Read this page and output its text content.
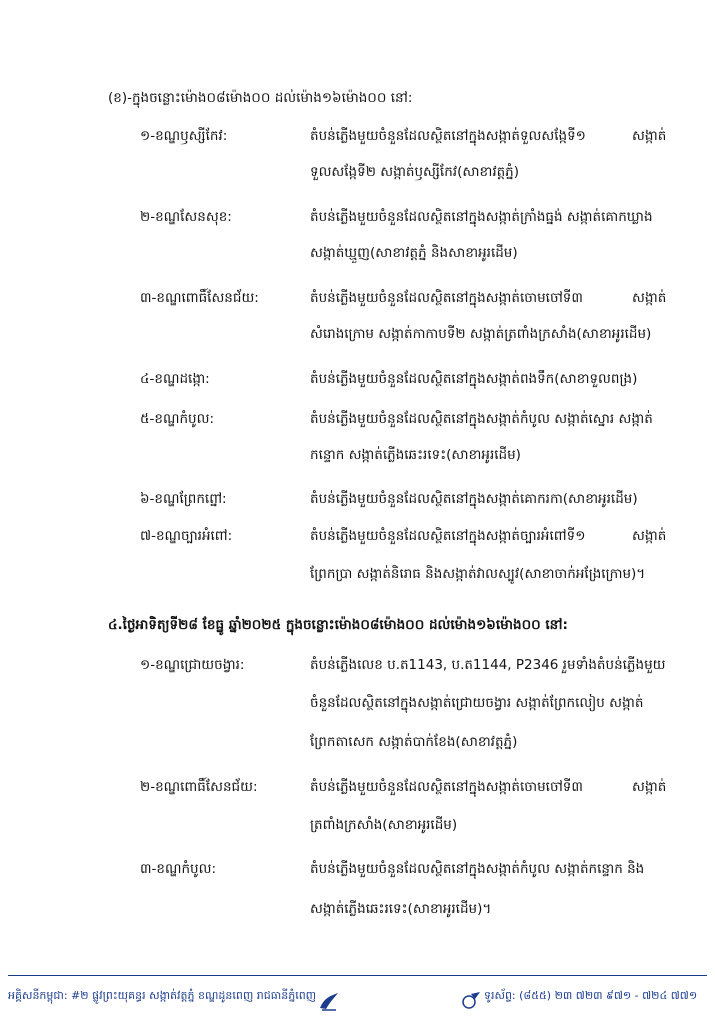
(ខ)-ក្នុងចន្លោះម៉ោង០៨ម៉ោង០០ ដល់ម៉ោង១៦ម៉ោង០០ នៅ:
១-ខណ្ឌឫស្សីកែវ:	តំបន់ភ្លើងមួយចំនួនដែលស្ថិតនៅក្នុងសង្កាត់ទួលសង្កែទី១	សង្កាត់
ទួលសង្កែទី២ សង្កាត់ឫស្សីកែវ(សាខាវត្តភ្នំ)
២-ខណ្ឌសែនសុខ:	តំបន់ភ្លើងមួយចំនួនដែលស្ថិតនៅក្នុងសង្កាត់ក្រាំងធ្នង់ សង្កាត់គោកឃ្លាង
សង្កាត់ឃ្មួញ(សាខាវត្តភ្នំ និងសាខាអូរដើម)
៣-ខណ្ឌពោធិ៍សែនជ័យ:	តំបន់ភ្លើងមួយចំនួនដែលស្ថិតនៅក្នុងសង្កាត់ចោមចៅទី៣	សង្កាត់
សំរោងក្រោម សង្កាត់កាកាបទី២ សង្កាត់ត្រពាំងក្រសាំង(សាខាអូរដើម)
៤-ខណ្ឌដង្កោ:	តំបន់ភ្លើងមួយចំនួនដែលស្ថិតនៅក្នុងសង្កាត់ពងទឹក(សាខាទួលពង្រ)
៥-ខណ្ឌកំបូល:	តំបន់ភ្លើងមួយចំនួនដែលស្ថិតនៅក្នុងសង្កាត់កំបូល សង្កាត់ស្នោរ សង្កាត់
កន្ទោក សង្កាត់ភ្លើងឆេះរទេះ(សាខាអូរដើម)
៦-ខណ្ឌព្រែកព្នៅ:	តំបន់ភ្លើងមួយចំនួនដែលស្ថិតនៅក្នុងសង្កាត់គោករកា(សាខាអូរដើម)
៧-ខណ្ឌច្បារអំពៅ:	តំបន់ភ្លើងមួយចំនួនដែលស្ថិតនៅក្នុងសង្កាត់ច្បារអំពៅទី១	សង្កាត់
ព្រែកប្រា សង្កាត់និរោធ និងសង្កាត់វាលស្បូវ(សាខាចាក់អង្រែក្រោម)។
៤.ថ្ងៃអាទិត្យទី២៨ ខែធ្នូ ឆ្នាំ២០២៥ ក្នុងចន្លោះម៉ោង០៨ម៉ោង០០ ដល់ម៉ោង១៦ម៉ោង០០ នៅ:
១-ខណ្ឌជ្រោយចង្វារ:	តំបន់ភ្លើងលេខ ប.ត1143, ប.ត1144, P2346 រួមទាំងតំបន់ភ្លើងមួយ
ចំនួនដែលស្ថិតនៅក្នុងសង្កាត់ជ្រោយចង្វារ សង្កាត់ព្រែកលៀប សង្កាត់
ព្រែកតាសេក សង្កាត់បាក់ខែង(សាខាវត្តភ្នំ)
២-ខណ្ឌពោធិ៍សែនជ័យ:	តំបន់ភ្លើងមួយចំនួនដែលស្ថិតនៅក្នុងសង្កាត់ចោមចៅទី៣	សង្កាត់
ត្រពាំងក្រសាំង(សាខាអូរដើម)
៣-ខណ្ឌកំបូល:	តំបន់ភ្លើងមួយចំនួនដែលស្ថិតនៅក្នុងសង្កាត់កំបូល សង្កាត់កន្ទោក និង
សង្កាត់ភ្លើងឆេះរទេះ(សាខាអូរដើម)។
អគ្គិសនីកម្ពុជា: #២ ផ្លូវព្រះយុគន្ធរ សង្កាត់វត្តភ្នំ ខណ្ឌដូនពេញ រាជធានីភ្នំពេញ	ទូរស័ព្ទ: (៨៥៥) ២៣ ៧២៣ ៩៧១ - ៧២៤ ៧៧១
